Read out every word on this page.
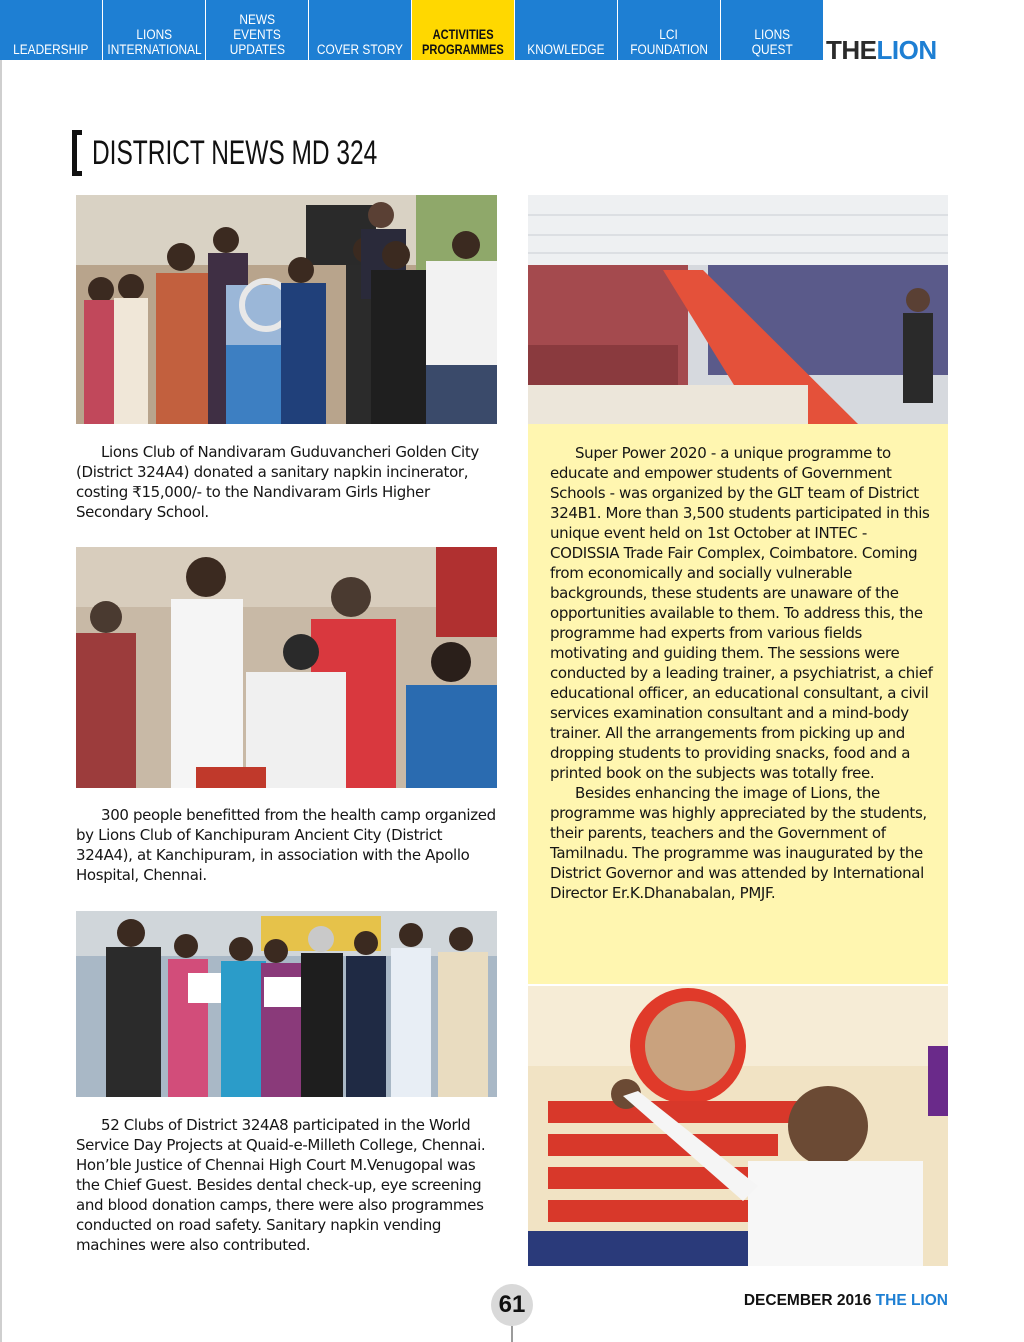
LEADERSHIP
LIONS
INTERNATIONAL
NEWS
EVENTS
UPDATES COVER STORY
ACTIVITIES
PROGRAMMES KNOWLEDGE
LCI
FOUNDATION
LIONS
QUEST THELION
DISTRICT NEWS MD 324

Lions Club of Nandivaram Guduvancheri Golden City (District 324A4) donated a sanitary napkin incinerator, costing ₹15,000/- to the Nandivaram Girls Higher Secondary School.

300 people benefitted from the health camp organized by Lions Club of Kanchipuram Ancient City (District 324A4), at Kanchipuram, in association with the Apollo Hospital, Chennai.

52 Clubs of District 324A8 participated in the World Service Day Projects at Quaid-e-Milleth College, Chennai. Hon’ble Justice of Chennai High Court M.Venugopal was the Chief Guest. Besides dental check-up, eye screening and blood donation camps, there were also programmes conducted on road safety. Sanitary napkin vending machines were also contributed.

Super Power 2020 - a unique programme to educate and empower students of Government Schools - was organized by the GLT team of District 324B1. More than 3,500 students participated in this unique event held on 1st October at INTEC - CODISSIA Trade Fair Complex, Coimbatore. Coming from economically and socially vulnerable backgrounds, these students are unaware of the opportunities available to them. To address this, the programme had experts from various fields motivating and guiding them. The sessions were conducted by a leading trainer, a psychiatrist, a chief educational officer, an educational consultant, a civil services examination consultant and a mind-body trainer. All the arrangements from picking up and dropping students to providing snacks, food and a printed book on the subjects was totally free.

Besides enhancing the image of Lions, the programme was highly appreciated by the students, their parents, teachers and the Government of Tamilnadu. The programme was inaugurated by the District Governor and was attended by International Director Er.K.Dhanabalan, PMJF.

61	DECEMBER 2016 THE LION
